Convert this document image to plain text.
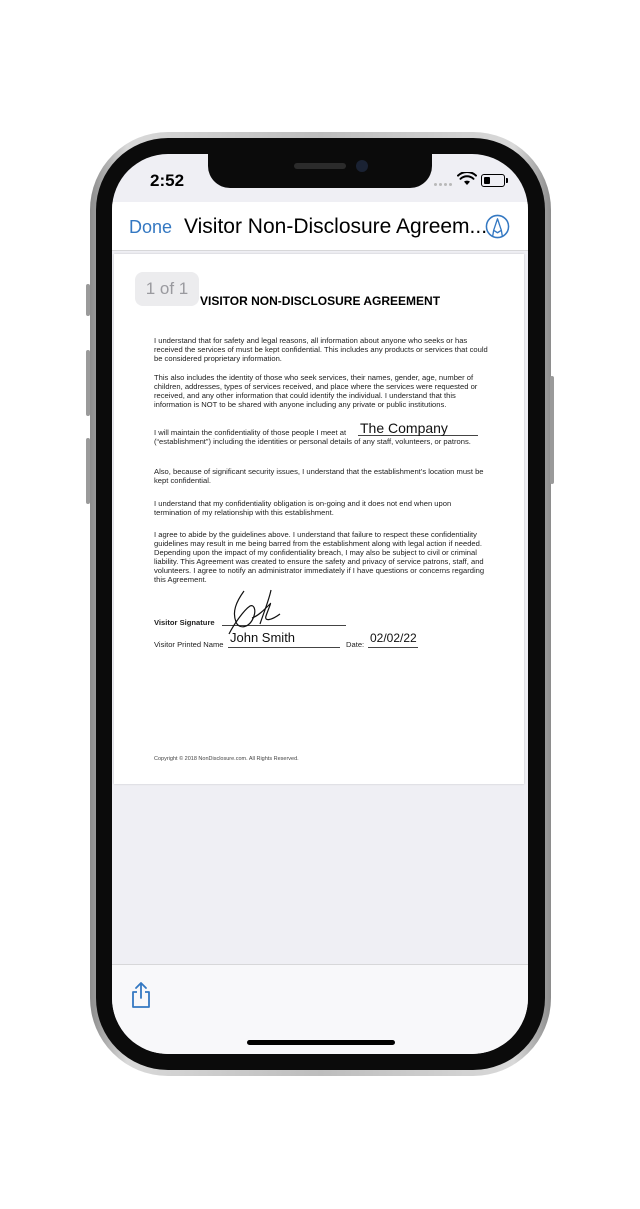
2:52
Done Visitor Non-Disclosure Agreem...
1 of 1
VISITOR NON-DISCLOSURE AGREEMENT
I understand that for safety and legal reasons, all information about anyone who seeks or has received the services of must be kept confidential. This includes any products or services that could be considered proprietary information.
This also includes the identity of those who seek services, their names, gender, age, number of children, addresses, types of services received, and place where the services were requested or received, and any other information that could identify the individual. I understand that this information is NOT to be shared with anyone including any private or public institutions.
I will maintain the confidentiality of those people I meet at The Company
(“establishment”) including the identities or personal details of any staff, volunteers, or patrons.
Also, because of significant security issues, I understand that the establishment’s location must be kept confidential.
I understand that my confidentiality obligation is on-going and it does not end when upon termination of my relationship with this establishment.
I agree to abide by the guidelines above. I understand that failure to respect these confidentiality guidelines may result in me being barred from the establishment along with legal action if needed. Depending upon the impact of my confidentiality breach, I may also be subject to civil or criminal liability. This Agreement was created to ensure the safety and privacy of service patrons, staff, and volunteers. I agree to notify an administrator immediately if I have questions or concerns regarding this Agreement.
Visitor Signature
Visitor Printed Name John Smith	Date: 02/02/22
Copyright © 2018 NonDisclosure.com. All Rights Reserved.
